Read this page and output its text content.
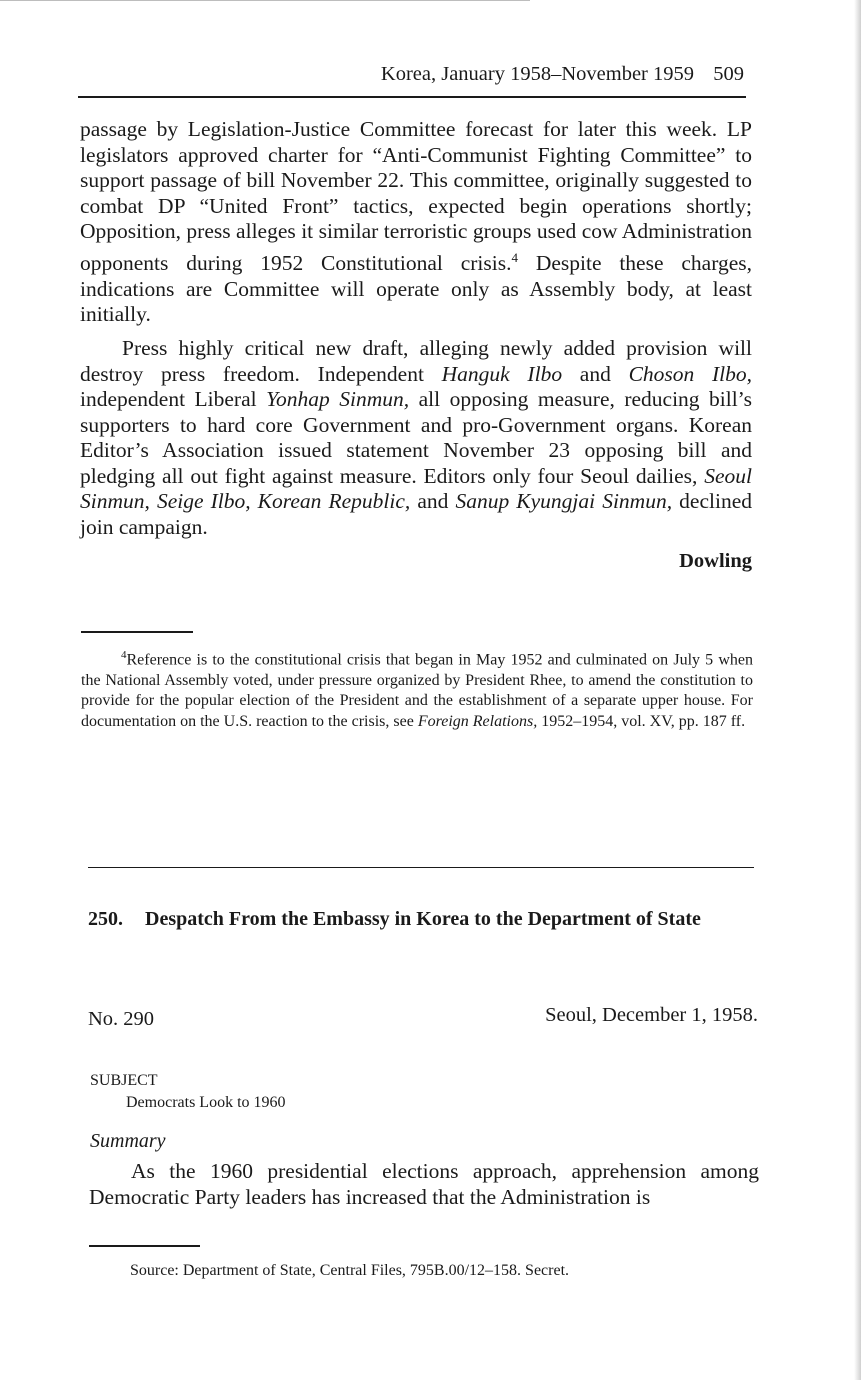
Korea, January 1958–November 1959 509

passage by Legislation-Justice Committee forecast for later this week. LP legislators approved charter for “Anti-Communist Fighting Committee” to support passage of bill November 22. This committee, originally suggested to combat DP “United Front” tactics, expected begin operations shortly; Opposition, press alleges it similar terroristic groups used cow Administration opponents during 1952 Constitutional crisis.$^4$ Despite these charges, indications are Committee will operate only as Assembly body, at least initially.

Press highly critical new draft, alleging newly added provision will destroy press freedom. Independent Hanguk Ilbo and Choson Ilbo, independent Liberal Yonhap Sinmun, all opposing measure, reducing bill’s supporters to hard core Government and pro-Government organs. Korean Editor’s Association issued statement November 23 opposing bill and pledging all out fight against measure. Editors only four Seoul dailies, Seoul Sinmun, Seige Ilbo, Korean Republic, and Sanup Kyungjai Sinmun, declined join campaign.

Dowling

$^4$Reference is to the constitutional crisis that began in May 1952 and culminated on July 5 when the National Assembly voted, under pressure organized by President Rhee, to amend the constitution to provide for the popular election of the President and the establishment of a separate upper house. For documentation on the U.S. reaction to the crisis, see Foreign Relations, 1952–1954, vol. XV, pp. 187 ff.

250. Despatch From the Embassy in Korea to the Department of State
No. 290	Seoul, December 1, 1958.
SUBJECT
Democrats Look to 1960
Summary

As the 1960 presidential elections approach, apprehension among Democratic Party leaders has increased that the Administration is

Source: Department of State, Central Files, 795B.00/12–158. Secret.
